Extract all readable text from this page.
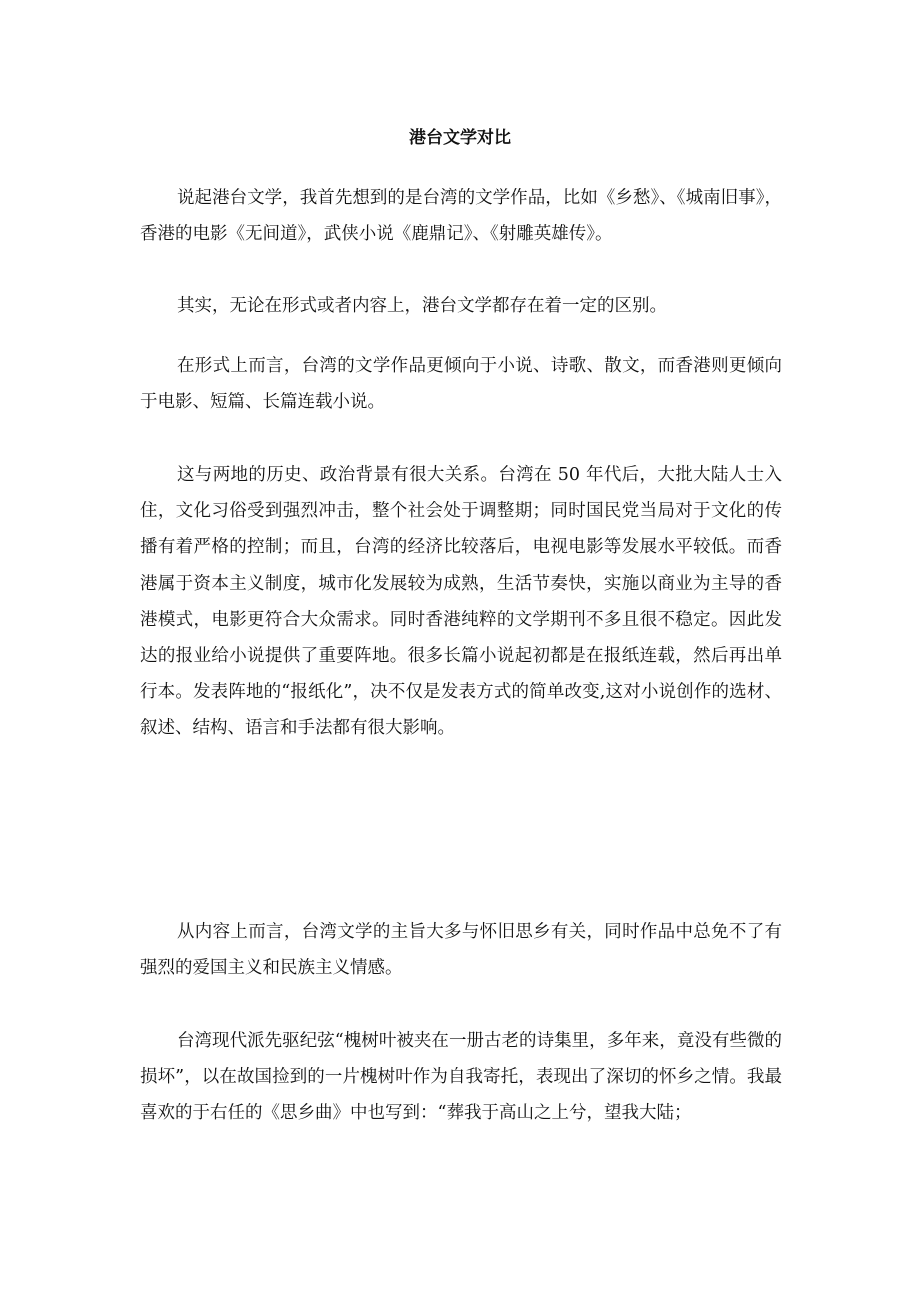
港台文学对比

说起港台文学，我首先想到的是台湾的文学作品，比如《乡愁》、《城南旧事》，香港的电影《无间道》，武侠小说《鹿鼎记》、《射雕英雄传》。

其实，无论在形式或者内容上，港台文学都存在着一定的区别。

在形式上而言，台湾的文学作品更倾向于小说、诗歌、散文，而香港则更倾向于电影、短篇、长篇连载小说。

这与两地的历史、政治背景有很大关系。台湾在 50 年代后，大批大陆人士入住，文化习俗受到强烈冲击，整个社会处于调整期；同时国民党当局对于文化的传播有着严格的控制；而且，台湾的经济比较落后，电视电影等发展水平较低。而香港属于资本主义制度，城市化发展较为成熟，生活节奏快，实施以商业为主导的香港模式，电影更符合大众需求。同时香港纯粹的文学期刊不多且很不稳定。因此发达的报业给小说提供了重要阵地。很多长篇小说起初都是在报纸连载，然后再出单行本。发表阵地的“报纸化”，决不仅是发表方式的简单改变,这对小说创作的选材、叙述、结构、语言和手法都有很大影响。

从内容上而言，台湾文学的主旨大多与怀旧思乡有关，同时作品中总免不了有强烈的爱国主义和民族主义情感。

台湾现代派先驱纪弦“槐树叶被夹在一册古老的诗集里，多年来，竟没有些微的损坏”，以在故国捡到的一片槐树叶作为自我寄托，表现出了深切的怀乡之情。我最喜欢的于右任的《思乡曲》中也写到：“葬我于高山之上兮，望我大陆；
